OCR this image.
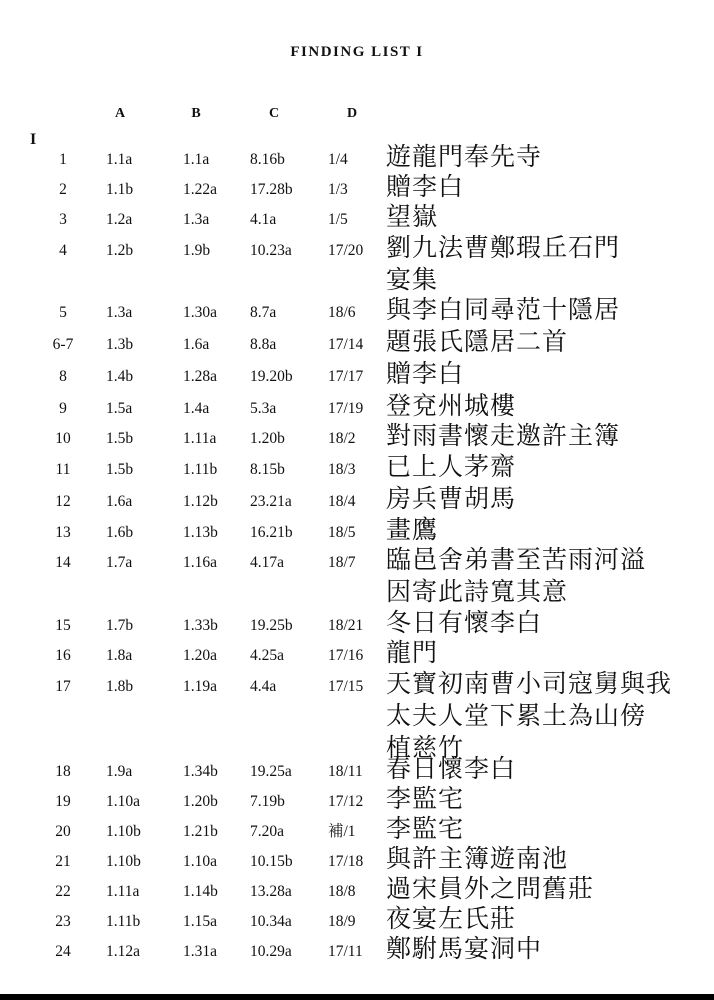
FINDING LIST I
A	B	C	D
I
1	1.1a	1.1a	8.16b	1/4 遊龍門奉先寺
2	1.1b	1.22a 17.28b 1/3 贈李白
3	1.2a	1.3a	4.1a	1/5 望嶽
4	1.2b	1.9b	10.23a 17/20 劉九法曹鄭瑕丘石門
宴集
5	1.3a	1.30a 8.7a	18/6 與李白同尋范十隱居
6-7	1.3b	1.6a	8.8a	17/14 題張氏隱居二首
8	1.4b	1.28a 19.20b 17/17 贈李白
9	1.5a	1.4a	5.3a	17/19 登兗州城樓
10	1.5b	1.11a 1.20b	18/2 對雨書懷走邀許主簿
11	1.5b	1.11b 8.15b	18/3 已上人茅齋
12	1.6a	1.12b 23.21a 18/4 房兵曹胡馬
13	1.6b	1.13b 16.21b 18/5 畫鷹
14	1.7a	1.16a 4.17a	18/7 臨邑舍弟書至苦雨河溢
因寄此詩寬其意
15	1.7b	1.33b 19.25b 18/21 冬日有懷李白
16	1.8a	1.20a 4.25a	17/16 龍門
17	1.8b	1.19a 4.4a	17/15 天寶初南曹小司寇舅與我
太夫人堂下累土為山傍
植慈竹
18	1.9a	1.34b 19.25a 18/11 春日懷李白
19	1.10a	1.20b 7.19b	17/12 李監宅
20	1.10b	1.21b 7.20a	補/1 李監宅
21	1.10b	1.10a 10.15b 17/18 與許主簿遊南池
22	1.11a	1.14b 13.28a 18/8 過宋員外之問舊莊
23	1.11b	1.15a 10.34a 18/9 夜宴左氏莊
24	1.12a	1.31a 10.29a 17/11 鄭駙馬宴洞中
